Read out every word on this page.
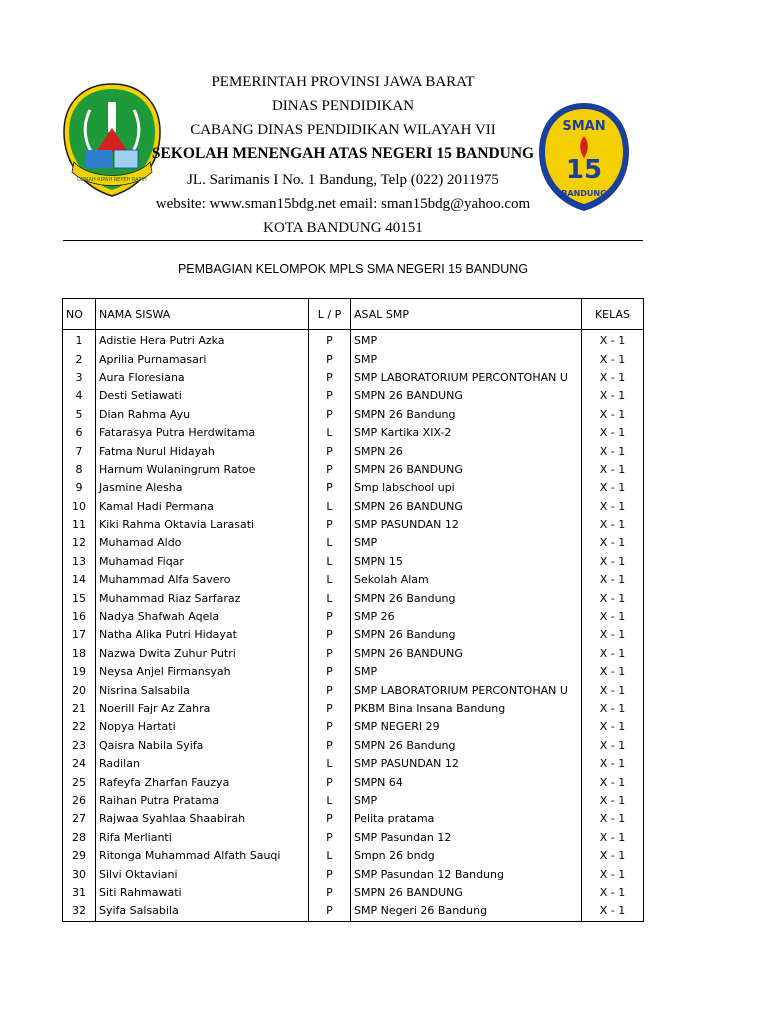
GEMAH RIPAH REPEH RAPIH
SMAN
15
BANDUNG
PEMERINTAH PROVINSI JAWA BARAT
DINAS PENDIDIKAN
CABANG DINAS PENDIDIKAN WILAYAH VII
SEKOLAH MENENGAH ATAS NEGERI 15 BANDUNG
JL. Sarimanis I No. 1 Bandung, Telp (022) 2011975
website: www.sman15bdg.net email: sman15bdg@yahoo.com
KOTA BANDUNG 40151
PEMBAGIAN KELOMPOK MPLS SMA NEGERI 15 BANDUNG
NO	NAMA SISWA	L / P	ASAL SMP	KELAS
1	Adistie Hera Putri Azka	P	SMP	X - 1
2	Aprilia Purnamasari	P	SMP	X - 1
3	Aura Floresiana	P	SMP LABORATORIUM PERCONTOHAN U	X - 1
4	Desti Setiawati	P	SMPN 26 BANDUNG	X - 1
5	Dian Rahma Ayu	P	SMPN 26 Bandung	X - 1
6	Fatarasya Putra Herdwitama	L	SMP Kartika XIX-2	X - 1
7	Fatma Nurul Hidayah	P	SMPN 26	X - 1
8	Harnum Wulaningrum Ratoe	P	SMPN 26 BANDUNG	X - 1
9	Jasmine Alesha	P	Smp labschool upi	X - 1
10	Kamal Hadi Permana	L	SMPN 26 BANDUNG	X - 1
11	Kiki Rahma Oktavia Larasati	P	SMP PASUNDAN 12	X - 1
12	Muhamad Aldo	L	SMP	X - 1
13	Muhamad Fiqar	L	SMPN 15	X - 1
14	Muhammad Alfa Savero	L	Sekolah Alam	X - 1
15	Muhammad Riaz Sarfaraz	L	SMPN 26 Bandung	X - 1
16	Nadya Shafwah Aqela	P	SMP 26	X - 1
17	Natha Alika Putri Hidayat	P	SMPN 26 Bandung	X - 1
18	Nazwa Dwita Zuhur Putri	P	SMPN 26 BANDUNG	X - 1
19	Neysa Anjel Firmansyah	P	SMP	X - 1
20	Nisrina Salsabila	P	SMP LABORATORIUM PERCONTOHAN U	X - 1
21	Noerill Fajr Az Zahra	P	PKBM Bina Insana Bandung	X - 1
22	Nopya Hartati	P	SMP NEGERI 29	X - 1
23	Qaisra Nabila Syifa	P	SMPN 26 Bandung	X - 1
24	Radilan	L	SMP PASUNDAN 12	X - 1
25	Rafeyfa Zharfan Fauzya	P	SMPN 64	X - 1
26	Raihan Putra Pratama	L	SMP	X - 1
27	Rajwaa Syahlaa Shaabirah	P	Pelita pratama	X - 1
28	Rifa Merlianti	P	SMP Pasundan 12	X - 1
29	Ritonga Muhammad Alfath Sauqi	L	Smpn 26 bndg	X - 1
30	Silvi Oktaviani	P	SMP Pasundan 12 Bandung	X - 1
31	Siti Rahmawati	P	SMPN 26 BANDUNG	X - 1
32	Syifa Salsabila	P	SMP Negeri 26 Bandung	X - 1
